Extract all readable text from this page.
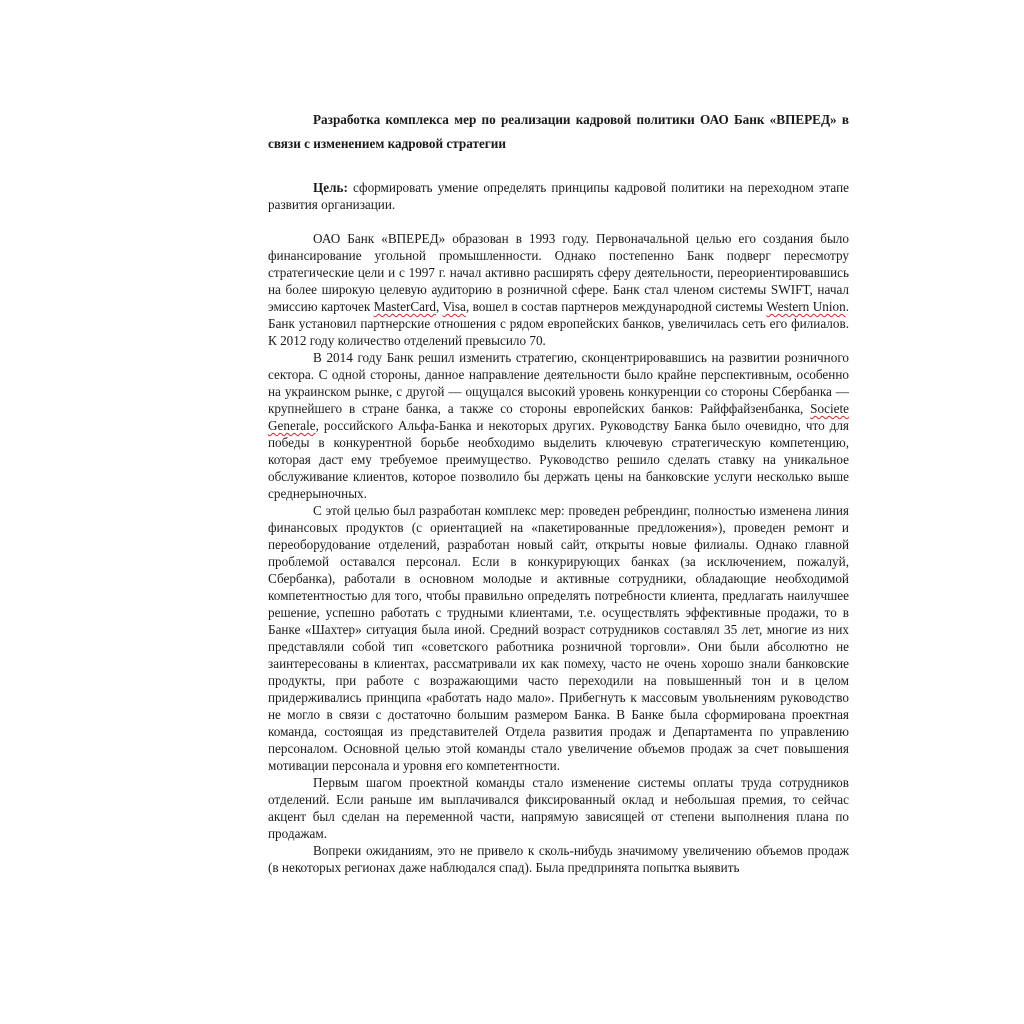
Разработка комплекса мер по реализации кадровой политики ОАО Банк «ВПЕРЕД» в связи с изменением кадровой стратегии

Цель: сформировать умение определять принципы кадровой политики на переходном этапе развития организации.

ОАО Банк «ВПЕРЕД» образован в 1993 году. Первоначальной целью его создания было финансирование угольной промышленности. Однако постепенно Банк подверг пересмотру стратегические цели и с 1997 г. начал активно расширять сферу деятельности, переориентировавшись на более широкую целевую аудиторию в розничной сфере. Банк стал членом системы SWIFT, начал эмиссию карточек MasterCard, Visa, вошел в состав партнеров международной системы Western Union. Банк установил партнерские отношения с рядом европейских банков, увеличилась сеть его филиалов. К 2012 году количество отделений превысило 70.

В 2014 году Банк решил изменить стратегию, сконцентрировавшись на развитии розничного сектора. С одной стороны, данное направление деятельности было крайне перспективным, особенно на украинском рынке, с другой — ощущался высокий уровень конкуренции со стороны Сбербанка — крупнейшего в стране банка, а также со стороны европейских банков: Райффайзенбанка, Societe Generale, российского Альфа-Банка и некоторых других. Руководству Банка было очевидно, что для победы в конкурентной борьбе необходимо выделить ключевую стратегическую компетенцию, которая даст ему требуемое преимущество. Руководство решило сделать ставку на уникальное обслуживание клиентов, которое позволило бы держать цены на банковские услуги несколько выше среднерыночных.

С этой целью был разработан комплекс мер: проведен ребрендинг, полностью изменена линия финансовых продуктов (с ориентацией на «пакетированные предложения»), проведен ремонт и переоборудование отделений, разработан новый сайт, открыты новые филиалы. Однако главной проблемой оставался персонал. Если в конкурирующих банках (за исключением, пожалуй, Сбербанка), работали в основном молодые и активные сотрудники, обладающие необходимой компетентностью для того, чтобы правильно определять потребности клиента, предлагать наилучшее решение, успешно работать с трудными клиентами, т.е. осуществлять эффективные продажи, то в Банке «Шахтер» ситуация была иной. Средний возраст сотрудников составлял 35 лет, многие из них представляли собой тип «советского работника розничной торговли». Они были абсолютно не заинтересованы в клиентах, рассматривали их как помеху, часто не очень хорошо знали банковские продукты, при работе с возражающими часто переходили на повышенный тон и в целом придерживались принципа «работать надо мало». Прибегнуть к массовым увольнениям руководство не могло в связи с достаточно большим размером Банка. В Банке была сформирована проектная команда, состоящая из представителей Отдела развития продаж и Департамента по управлению персоналом. Основной целью этой команды стало увеличение объемов продаж за счет повышения мотивации персонала и уровня его компетентности.

Первым шагом проектной команды стало изменение системы оплаты труда сотрудников отделений. Если раньше им выплачивался фиксированный оклад и небольшая премия, то сейчас акцент был сделан на переменной части, напрямую зависящей от степени выполнения плана по продажам.

Вопреки ожиданиям, это не привело к сколь-нибудь значимому увеличению объемов продаж (в некоторых регионах даже наблюдался спад). Была предпринята попытка выявить
